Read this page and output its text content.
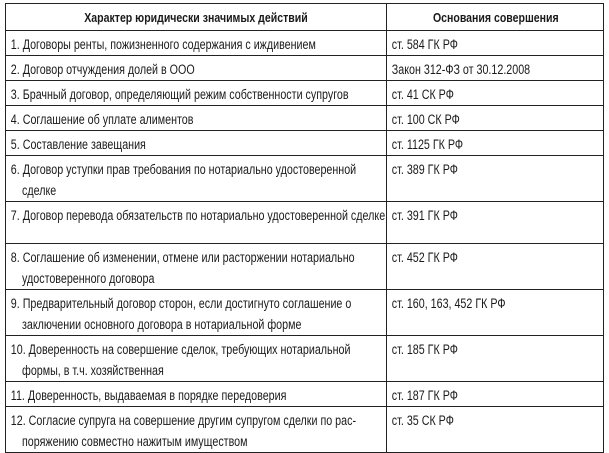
Характер юридически значимых действий	Основания совершения

1. Договоры ренты, пожизненного содержания с иждивением	ст. 584 ГК РФ

2. Договор отчуждения долей в ООО	Закон 312-ФЗ от 30.12.2008

3. Брачный договор, определяющий режим собственности супругов	ст. 41 СК РФ

4. Соглашение об уплате алиментов	ст. 100 СК РФ

5. Составление завещания	ст. 1125 ГК РФ

6. Договор уступки прав требования по нотариально удостоверенной сделке	ст. 389 ГК РФ

7. Договор перевода обязательств по нотариально удостоверенной сделке	ст. 391 ГК РФ

8. Соглашение об изменении, отмене или расторжении нотариально удостоверенного договора	ст. 452 ГК РФ

9. Предварительный договор сторон, если достигнуто соглашение о заключении основного договора в нотариальной форме	ст. 160, 163, 452 ГК РФ

10. Доверенность на совершение сделок, требующих нотариальной формы, в т.ч. хозяйственная	ст. 185 ГК РФ

11. Доверенность, выдаваемая в порядке передоверия	ст. 187 ГК РФ

12. Согласие супруга на совершение другим супругом сделки по распоряжению совместно нажитым имуществом	ст. 35 СК РФ
